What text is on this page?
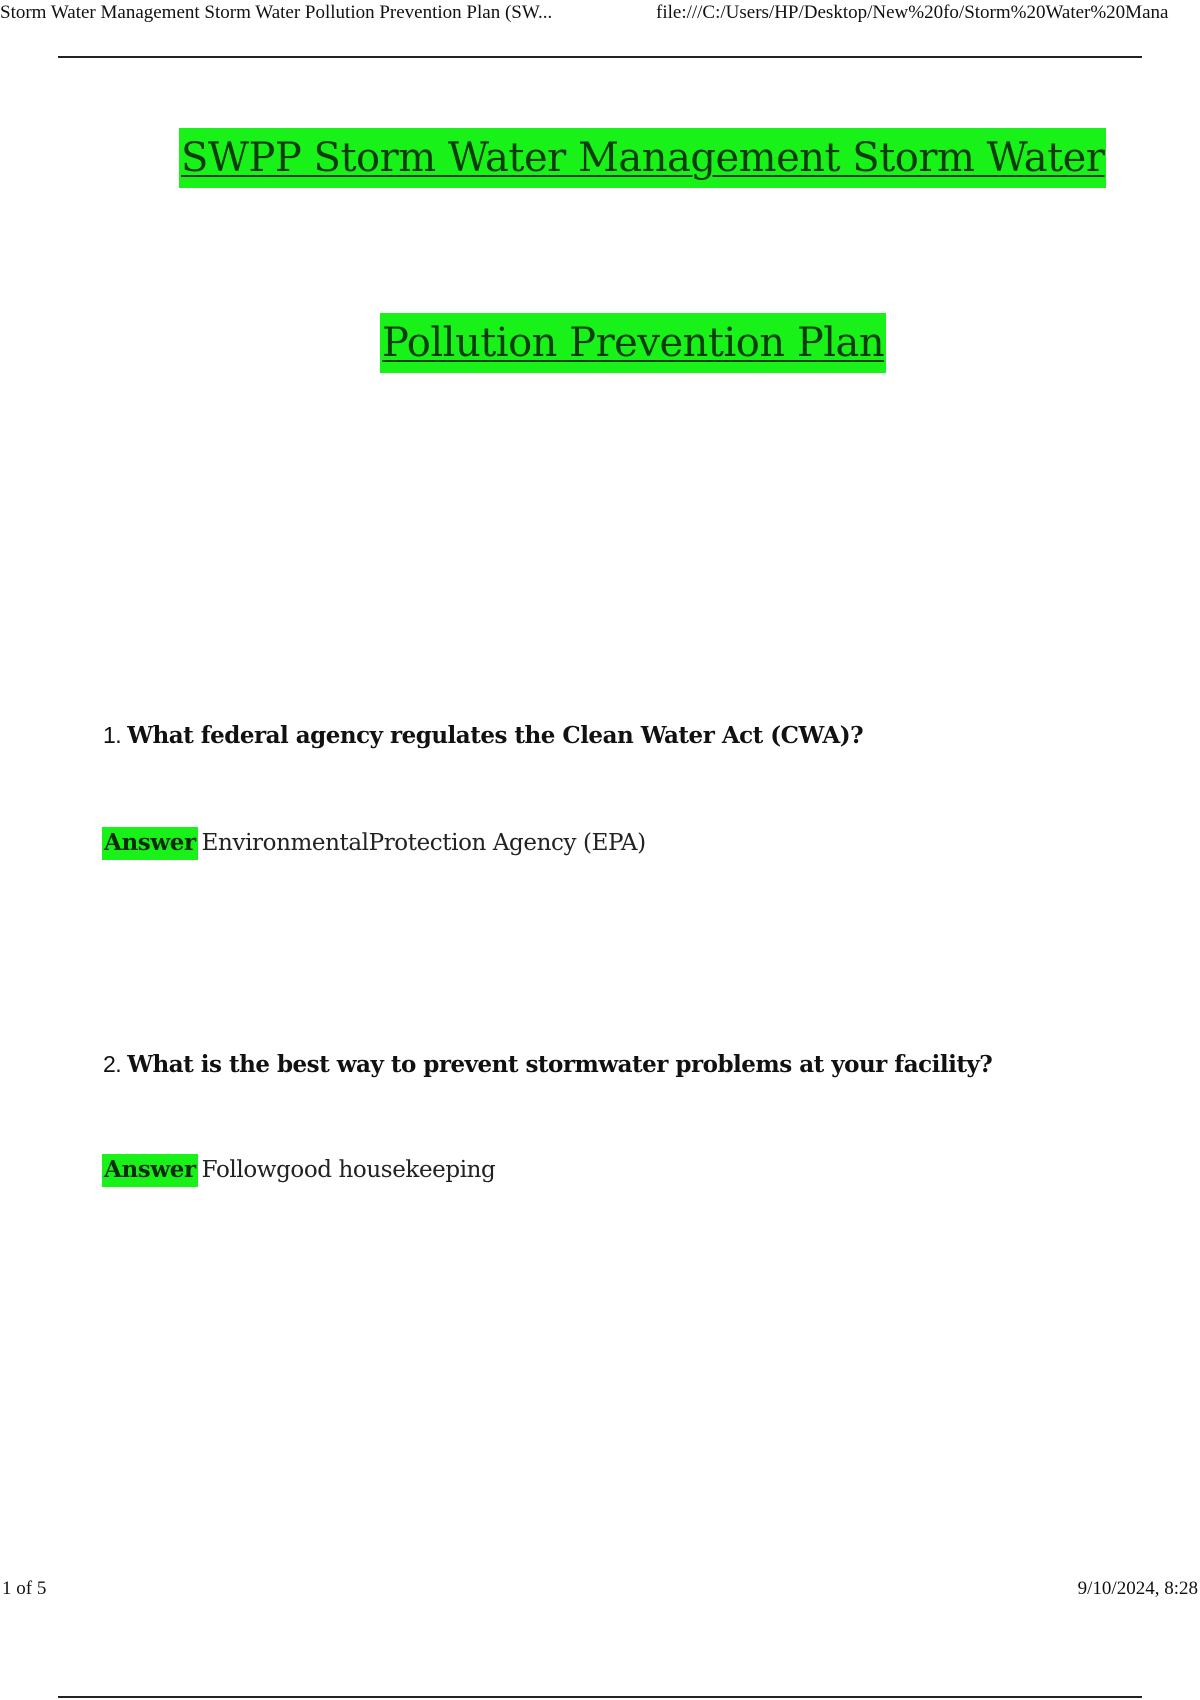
Storm Water Management Storm Water Pollution Prevention Plan (SW...	file:///C:/Users/HP/Desktop/New%20fo/Storm%20Water%20Mana
SWPP Storm Water Management Storm Water
Pollution Prevention Plan
1. What federal agency regulates the Clean Water Act (CWA)?
Answer EnvironmentalProtection Agency (EPA)
2. What is the best way to prevent stormwater problems at your facility?
Answer Followgood housekeeping
1 of 5	9/10/2024, 8:28
